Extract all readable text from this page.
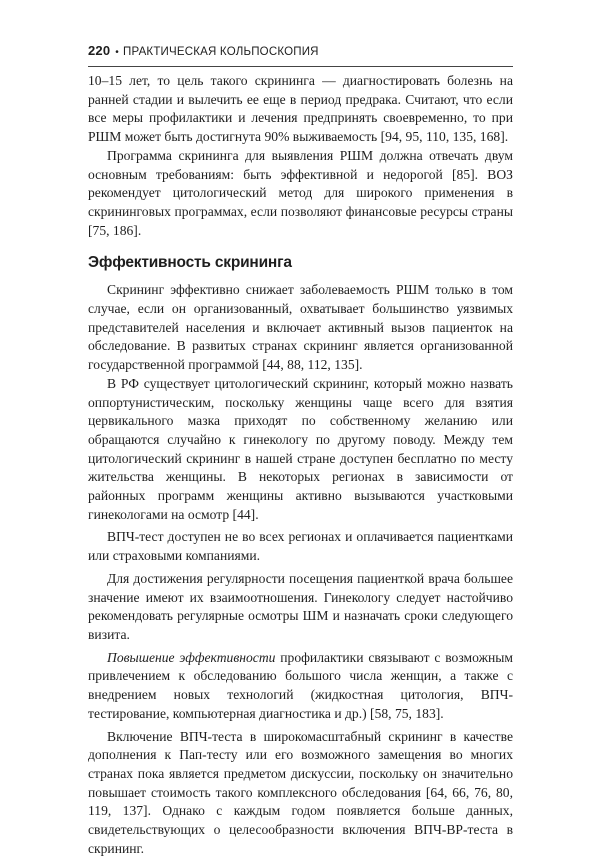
220 • ПРАКТИЧЕСКАЯ КОЛЬПОСКОПИЯ

10–15 лет, то цель такого скрининга — диагностировать болезнь на ранней стадии и вылечить ее еще в период предрака. Считают, что если все меры профилактики и лечения предпринять своевременно, то при РШМ может быть достигнута 90% выживаемость [94, 95, 110, 135, 168].

Программа скрининга для выявления РШМ должна отвечать двум основным требованиям: быть эффективной и недорогой [85]. ВОЗ рекомендует цитологический метод для широкого применения в скрининговых программах, если позволяют финансовые ресурсы страны [75, 186].

Эффективность скрининга

Скрининг эффективно снижает заболеваемость РШМ только в том случае, если он организованный, охватывает большинство уязвимых представителей населения и включает активный вызов пациенток на обследование. В развитых странах скрининг является организованной государственной программой [44, 88, 112, 135].

В РФ существует цитологический скрининг, который можно назвать оппортунистическим, поскольку женщины чаще всего для взятия цервикального мазка приходят по собственному желанию или обращаются случайно к гинекологу по другому поводу. Между тем цитологический скрининг в нашей стране доступен бесплатно по месту жительства женщины. В некоторых регионах в зависимости от районных программ женщины активно вызываются участковыми гинекологами на осмотр [44].

ВПЧ-тест доступен не во всех регионах и оплачивается пациентками или страховыми компаниями.

Для достижения регулярности посещения пациенткой врача большее значение имеют их взаимоотношения. Гинекологу следует настойчиво рекомендовать регулярные осмотры ШМ и назначать сроки следующего визита.

Повышение эффективности профилактики связывают с возможным привлечением к обследованию большого числа женщин, а также с внедрением новых технологий (жидкостная цитология, ВПЧ-тестирование, компьютерная диагностика и др.) [58, 75, 183].

Включение ВПЧ-теста в широкомасштабный скрининг в качестве дополнения к Пап-тесту или его возможного замещения во многих странах пока является предметом дискуссии, поскольку он значительно повышает стоимость такого комплексного обследования [64, 66, 76, 80, 119, 137]. Однако с каждым годом появляется больше данных, свидетельствующих о целесообразности включения ВПЧ-ВР-теста в скрининг.
